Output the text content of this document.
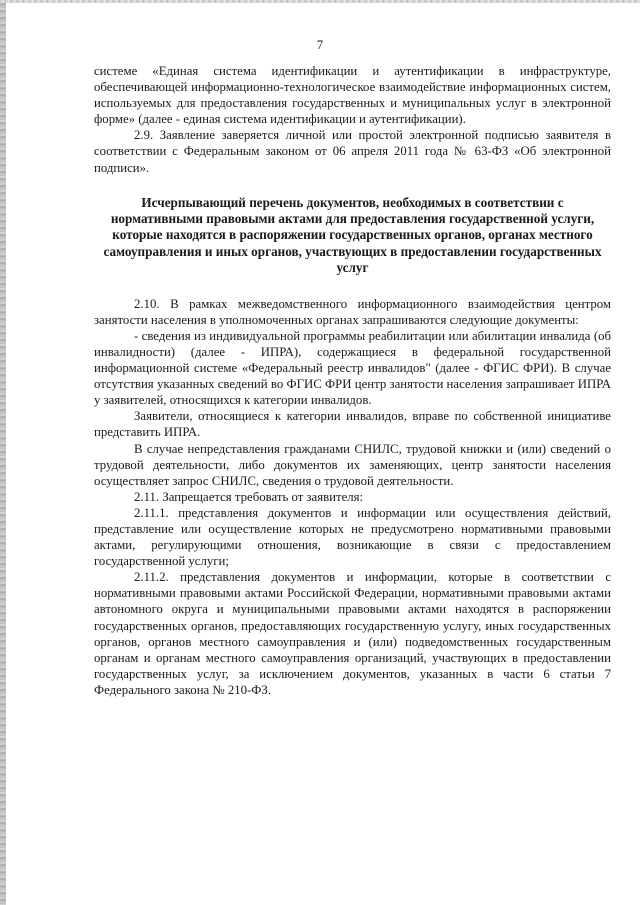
7

системе «Единая система идентификации и аутентификации в инфраструктуре, обеспечивающей информационно-технологическое взаимодействие информационных систем, используемых для предоставления государственных и муниципальных услуг в электронной форме» (далее - единая система идентификации и аутентификации).

2.9. Заявление заверяется личной или простой электронной подписью заявителя в соответствии с Федеральным законом от 06 апреля 2011 года № 63-ФЗ «Об электронной подписи».

Исчерпывающий перечень документов, необходимых в соответствии с нормативными правовыми актами для предоставления государственной услуги, которые находятся в распоряжении государственных органов, органах местного самоуправления и иных органов, участвующих в предоставлении государственных услуг

2.10. В рамках межведомственного информационного взаимодействия центром занятости населения в уполномоченных органах запрашиваются следующие документы:

- сведения из индивидуальной программы реабилитации или абилитации инвалида (об инвалидности) (далее - ИПРА), содержащиеся в федеральной государственной информационной системе «Федеральный реестр инвалидов" (далее - ФГИС ФРИ). В случае отсутствия указанных сведений во ФГИС ФРИ центр занятости населения запрашивает ИПРА у заявителей, относящихся к категории инвалидов.

Заявители, относящиеся к категории инвалидов, вправе по собственной инициативе представить ИПРА.

В случае непредставления гражданами СНИЛС, трудовой книжки и (или) сведений о трудовой деятельности, либо документов их заменяющих, центр занятости населения осуществляет запрос СНИЛС, сведения о трудовой деятельности.

2.11. Запрещается требовать от заявителя:

2.11.1. представления документов и информации или осуществления действий, представление или осуществление которых не предусмотрено нормативными правовыми актами, регулирующими отношения, возникающие в связи с предоставлением государственной услуги;

2.11.2. представления документов и информации, которые в соответствии с нормативными правовыми актами Российской Федерации, нормативными правовыми актами автономного округа и муниципальными правовыми актами находятся в распоряжении государственных органов, предоставляющих государственную услугу, иных государственных органов, органов местного самоуправления и (или) подведомственных государственным органам и органам местного самоуправления организаций, участвующих в предоставлении государственных услуг, за исключением документов, указанных в части 6 статьи 7 Федерального закона № 210-ФЗ.
